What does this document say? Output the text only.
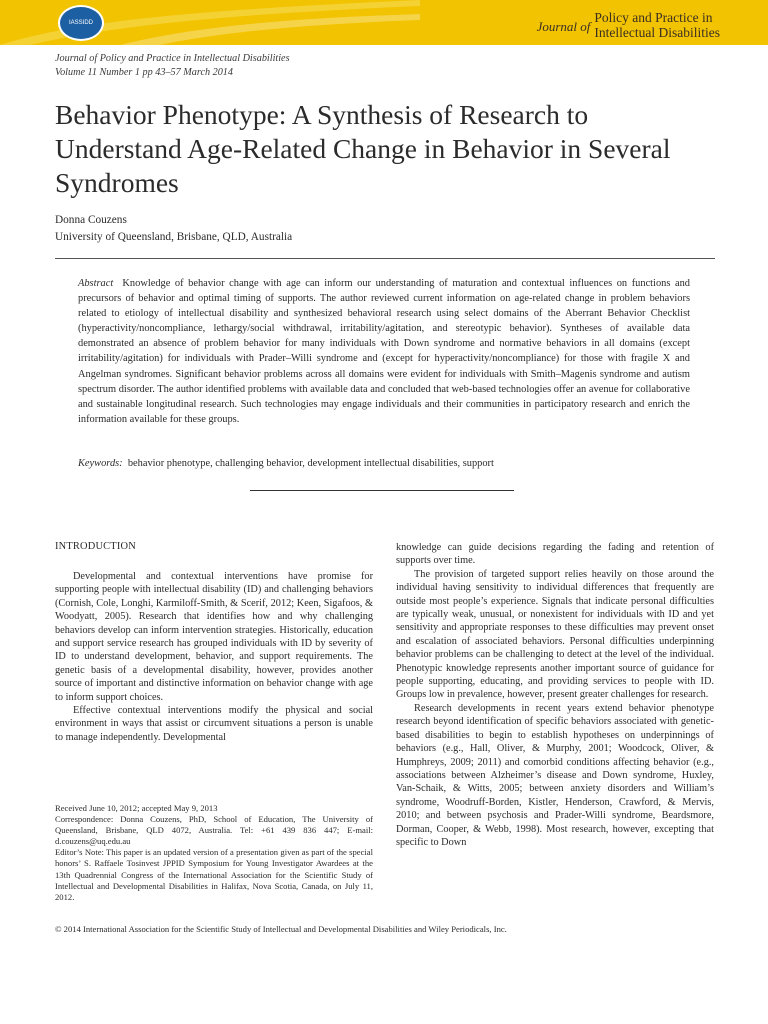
IASSIDD	Journal of
Policy and Practice in
Intellectual Disabilities
Journal of Policy and Practice in Intellectual Disabilities
Volume 11 Number 1 pp 43–57 March 2014
Behavior Phenotype: A Synthesis of Research to Understand Age-Related Change in Behavior in Several Syndromes
Donna Couzens
University of Queensland, Brisbane, QLD, Australia

Abstract Knowledge of behavior change with age can inform our understanding of maturation and contextual influences on functions and precursors of behavior and optimal timing of supports. The author reviewed current information on age-related change in problem behaviors related to etiology of intellectual disability and synthesized behavioral research using select domains of the Aberrant Behavior Checklist (hyperactivity/noncompliance, lethargy/social withdrawal, irritability/agitation, and stereotypic behavior). Syntheses of available data demonstrated an absence of problem behavior for many individuals with Down syndrome and normative behaviors in all domains (except irritability/agitation) for individuals with Prader–Willi syndrome and (except for hyperactivity/noncompliance) for those with fragile X and Angelman syndromes. Significant behavior problems across all domains were evident for individuals with Smith–Magenis syndrome and autism spectrum disorder. The author identified problems with available data and concluded that web-based technologies offer an avenue for collaborative and sustainable longitudinal research. Such technologies may engage individuals and their communities in participatory research and enrich the information available for these groups.

Keywords: behavior phenotype, challenging behavior, development intellectual disabilities, support

INTRODUCTION

Developmental and contextual interventions have promise for supporting people with intellectual disability (ID) and challenging behaviors (Cornish, Cole, Longhi, Karmiloff-Smith, & Scerif, 2012; Keen, Sigafoos, & Woodyatt, 2005). Research that identifies how and why challenging behaviors develop can inform intervention strategies. Historically, education and support service research has grouped individuals with ID by severity of ID to understand development, behavior, and support requirements. The genetic basis of a developmental disability, however, provides another source of important and distinctive information on behavior change with age to inform support choices.

Effective contextual interventions modify the physical and social environment in ways that assist or circumvent situations a person is unable to manage independently. Developmental

knowledge can guide decisions regarding the fading and retention of supports over time.

The provision of targeted support relies heavily on those around the individual having sensitivity to individual differences that frequently are outside most people’s experience. Signals that indicate personal difficulties are typically weak, unusual, or nonexistent for individuals with ID and yet sensitivity and appropriate responses to these difficulties may prevent onset and escalation of associated behaviors. Personal difficulties underpinning behavior problems can be challenging to detect at the level of the individual. Phenotypic knowledge represents another important source of guidance for people supporting, educating, and providing services to people with ID. Groups low in prevalence, however, present greater challenges for research.

Research developments in recent years extend behavior phenotype research beyond identification of specific behaviors associated with genetic-based disabilities to begin to establish hypotheses on underpinnings of behaviors (e.g., Hall, Oliver, & Murphy, 2001; Woodcock, Oliver, & Humphreys, 2009; 2011) and comorbid conditions affecting behavior (e.g., associations between Alzheimer’s disease and Down syndrome, Huxley, Van-Schaik, & Witts, 2005; between anxiety disorders and William’s syndrome, Woodruff-Borden, Kistler, Henderson, Crawford, & Mervis, 2010; and between psychosis and Prader-Willi syndrome, Beardsmore, Dorman, Cooper, & Webb, 1998). Most research, however, excepting that specific to Down

Received June 10, 2012; accepted May 9, 2013

Correspondence: Donna Couzens, PhD, School of Education, The University of Queensland, Brisbane, QLD 4072, Australia. Tel: +61 439 836 447; E-mail: d.couzens@uq.edu.au

Editor’s Note: This paper is an updated version of a presentation given as part of the special honors’ S. Raffaele Tosinvest JPPID Symposium for Young Investigator Awardees at the 13th Quadrennial Congress of the International Association for the Scientific Study of Intellectual and Developmental Disabilities in Halifax, Nova Scotia, Canada, on July 11, 2012.

© 2014 International Association for the Scientific Study of Intellectual and Developmental Disabilities and Wiley Periodicals, Inc.
